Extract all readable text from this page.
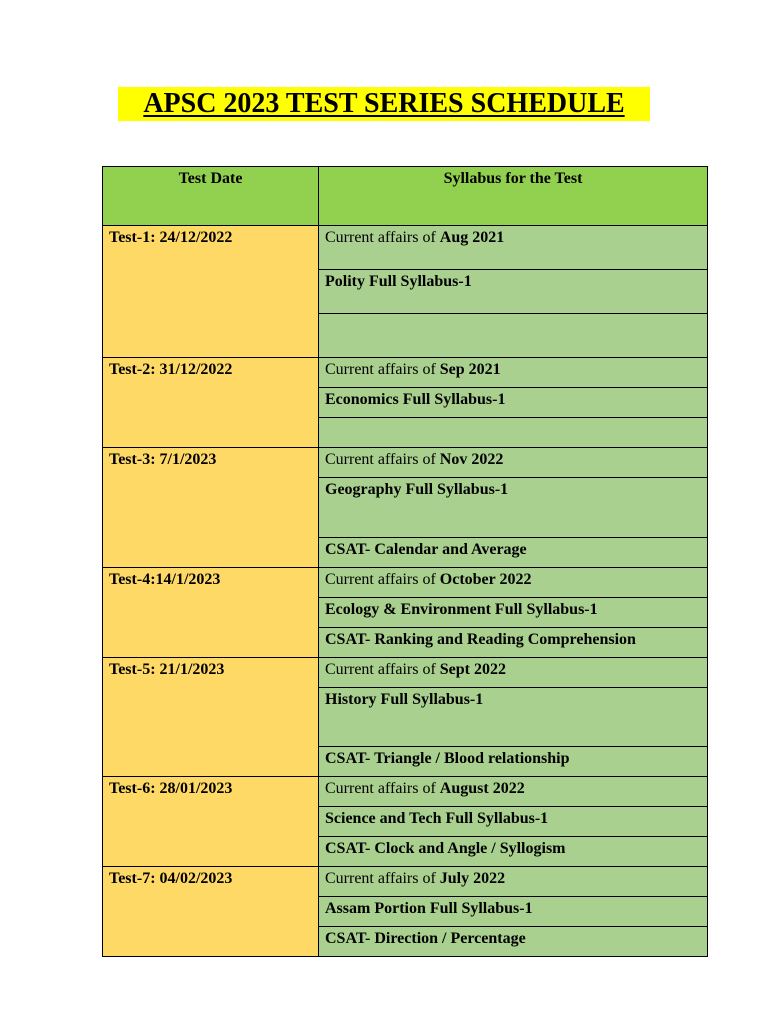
APSC 2023 TEST SERIES SCHEDULE
Test Date	Syllabus for the Test
Test-1: 24/12/2022	Current affairs of Aug 2021
	Polity Full Syllabus-1

Test-2: 31/12/2022	Current affairs of Sep 2021
	Economics Full Syllabus-1

Test-3: 7/1/2023	Current affairs of Nov 2022
	Geography Full Syllabus-1
	CSAT- Calendar and Average
Test-4:14/1/2023	Current affairs of October 2022
	Ecology & Environment Full Syllabus-1
	CSAT- Ranking and Reading Comprehension
Test-5: 21/1/2023	Current affairs of Sept 2022
	History Full Syllabus-1
	CSAT- Triangle / Blood relationship
Test-6: 28/01/2023	Current affairs of August 2022
	Science and Tech Full Syllabus-1
	CSAT- Clock and Angle / Syllogism
Test-7: 04/02/2023	Current affairs of July 2022
	Assam Portion Full Syllabus-1
	CSAT- Direction / Percentage
